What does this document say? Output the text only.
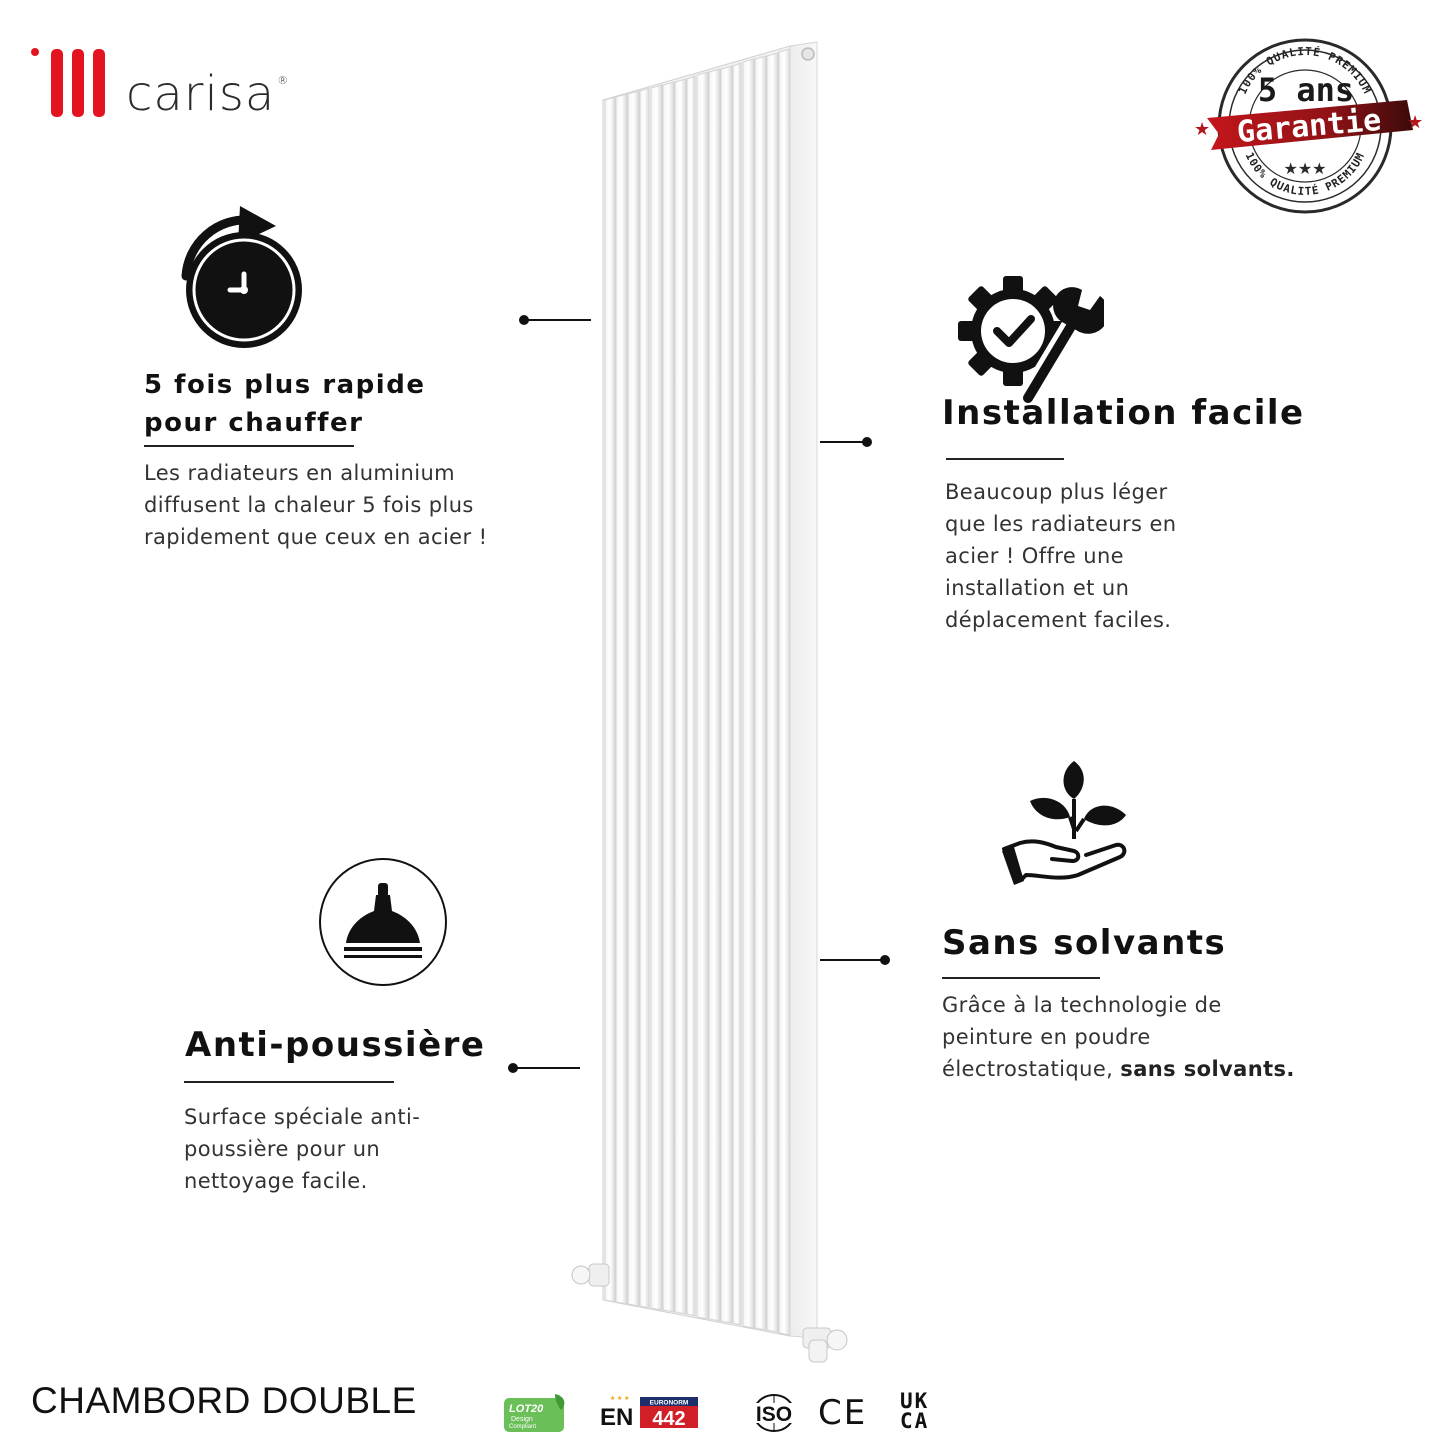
carisa ®
100% QUALITÉ PREMIUM
100% QUALITÉ PREMIUM
5 ans
Garantie
★	★
★★★
5 fois plus rapide
pour chauffer
Les radiateurs en aluminium diffusent la chaleur 5 fois plus rapidement que ceux en acier !
Installation facile
Beaucoup plus léger
que les radiateurs en
acier ! Offre une
installation et un
déplacement faciles.
Anti-poussière
Surface spéciale anti-
poussière pour un
nettoyage facile.
Sans solvants
Grâce à la technologie de
peinture en poudre
électrostatique, sans solvants.
CHAMBORD DOUBLE	LOT20
Design
Compliant	EN
★ ★ ★
EURONORM
442	ISO CE UK
CA
